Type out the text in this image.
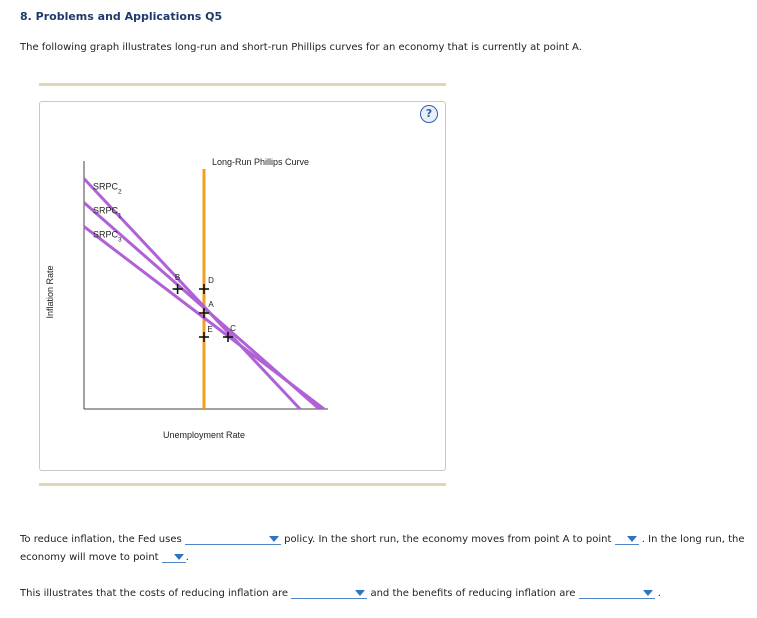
8. Problems and Applications Q5
The following graph illustrates long-run and short-run Phillips curves for an economy that is currently at point A.
?
Unemployment Rate
Inflation Rate
Long-Run Phillips Curve
SRPC
2
SRPC
1
SRPC
3
B	D
A
E C
To reduce inflation, the Fed uses	policy. In the short run, the economy moves from point A to point	. In the long run, the
economy will move to point	.
This illustrates that the costs of reducing inflation are	and the benefits of reducing inflation are	.
